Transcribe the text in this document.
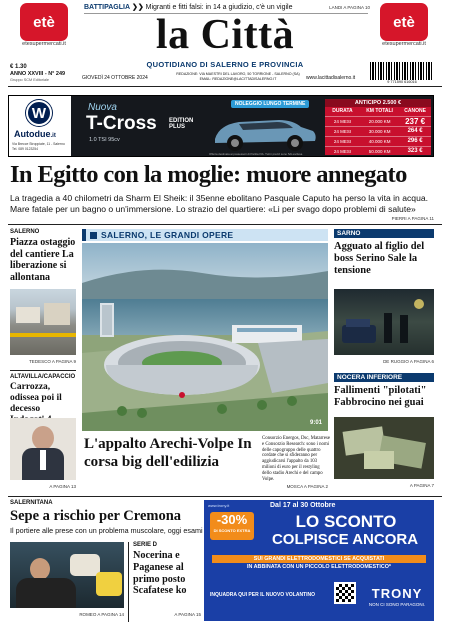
BATTIPAGLIA ❯❯ Migranti e fitti falsi: in 14 a giudizio, c'è un vigile	LANDI A PAGINA 10
etè
etesupermercati.it
etè
etesupermercati.it
la Città
QUOTIDIANO DI SALERNO E PROVINCIA
€ 1.30
ANNO XXVIII - N° 249
Gruppo SCM Editoriale	GIOVEDÌ 24 OTTOBRE 2024
REDAZIONE: VIA MAESTRI DEL LAVORO, 50 TORRIONE - SALERNO (SA)
EMAIL: REDAZIONE@LACITTADISALERNO.IT	www.lacittadisalerno.it
9 771590 616016
W
Autodue.it
Via Brecce Stroppiate, 11 - Salerno
Tel. 089 0123254
Nuova
T-Cross EDITION PLUS
1.0 TSI 95cv
NOLEGGIO LUNGO TERMINE	ANTICIPO 2.500 €
DURATA	KM TOTALI	CANONE
24 MESI	20.000 KM	237 €
24 MESI	30.000 KM	264 €
24 MESI	40.000 KM	296 €
24 MESI	50.000 KM	323 €
Offerta destinata ai possessori di Partita IVA. Tutti i prezzi sono IVA esclusa.
In Egitto con la moglie: muore annegato
La tragedia a 40 chilometri da Sharm El Sheik: il 35enne ebolitano Pasquale Caputo ha perso la vita in acqua. Mare fatale per un bagno o un'immersione. Lo strazio del quartiere: «Li per svago dopo problemi di salute»
PIERRI A PAGINA 11
SALERNO
Piazza ostaggio del cantiere La liberazione si allontana
TEDESCO A PAGINA 9
ALTAVILLA/CAPACCIO
Carrozza, odissea poi il decesso
A PAGINA 13
SALERNO, LE GRANDI OPERE
9:01
L'appalto Arechi-Volpe In corsa big dell'edilizia
Consorzio Energos, Dsc, Matarrese e Consorzio Research: sono i nomi delle capogruppo delle quattro cordate che si sfideranno per aggiudicarsi l'appalto da 103 milioni di euro per il restyling dello stadio Arechi e del campo Volpe.
MOSCA A PAGINA 2
SARNO
Agguato al figlio del boss Serino Sale la tensione
DE RUGGIO A PAGINA 6
NOCERA INFERIORE
Fallimenti "pilotati" Fabbrocino nei guai
A PAGINA 7
SALERNITANA
Sepe a rischio per Cremona
Il portiere alle prese con un problema muscolare, oggi esami
ROMEO A PAGINA 14
SERIE D
Nocerina e Paganese al primo posto Scafatese ko
A PAGINA 15
Dal 17 al 30 Ottobre
www.trony.it
-30%
DI SCONTO EXTRA	LO SCONTO
COLPISCE ANCORA
SUI GRANDI ELETTRODOMESTICI SE ACQUISTATI
IN ABBINATA CON UN PICCOLO ELETTRODOMESTICO*
INQUADRA QUI PER IL NUOVO VOLANTINO	TRONY
NON CI SONO PARAGONI.
